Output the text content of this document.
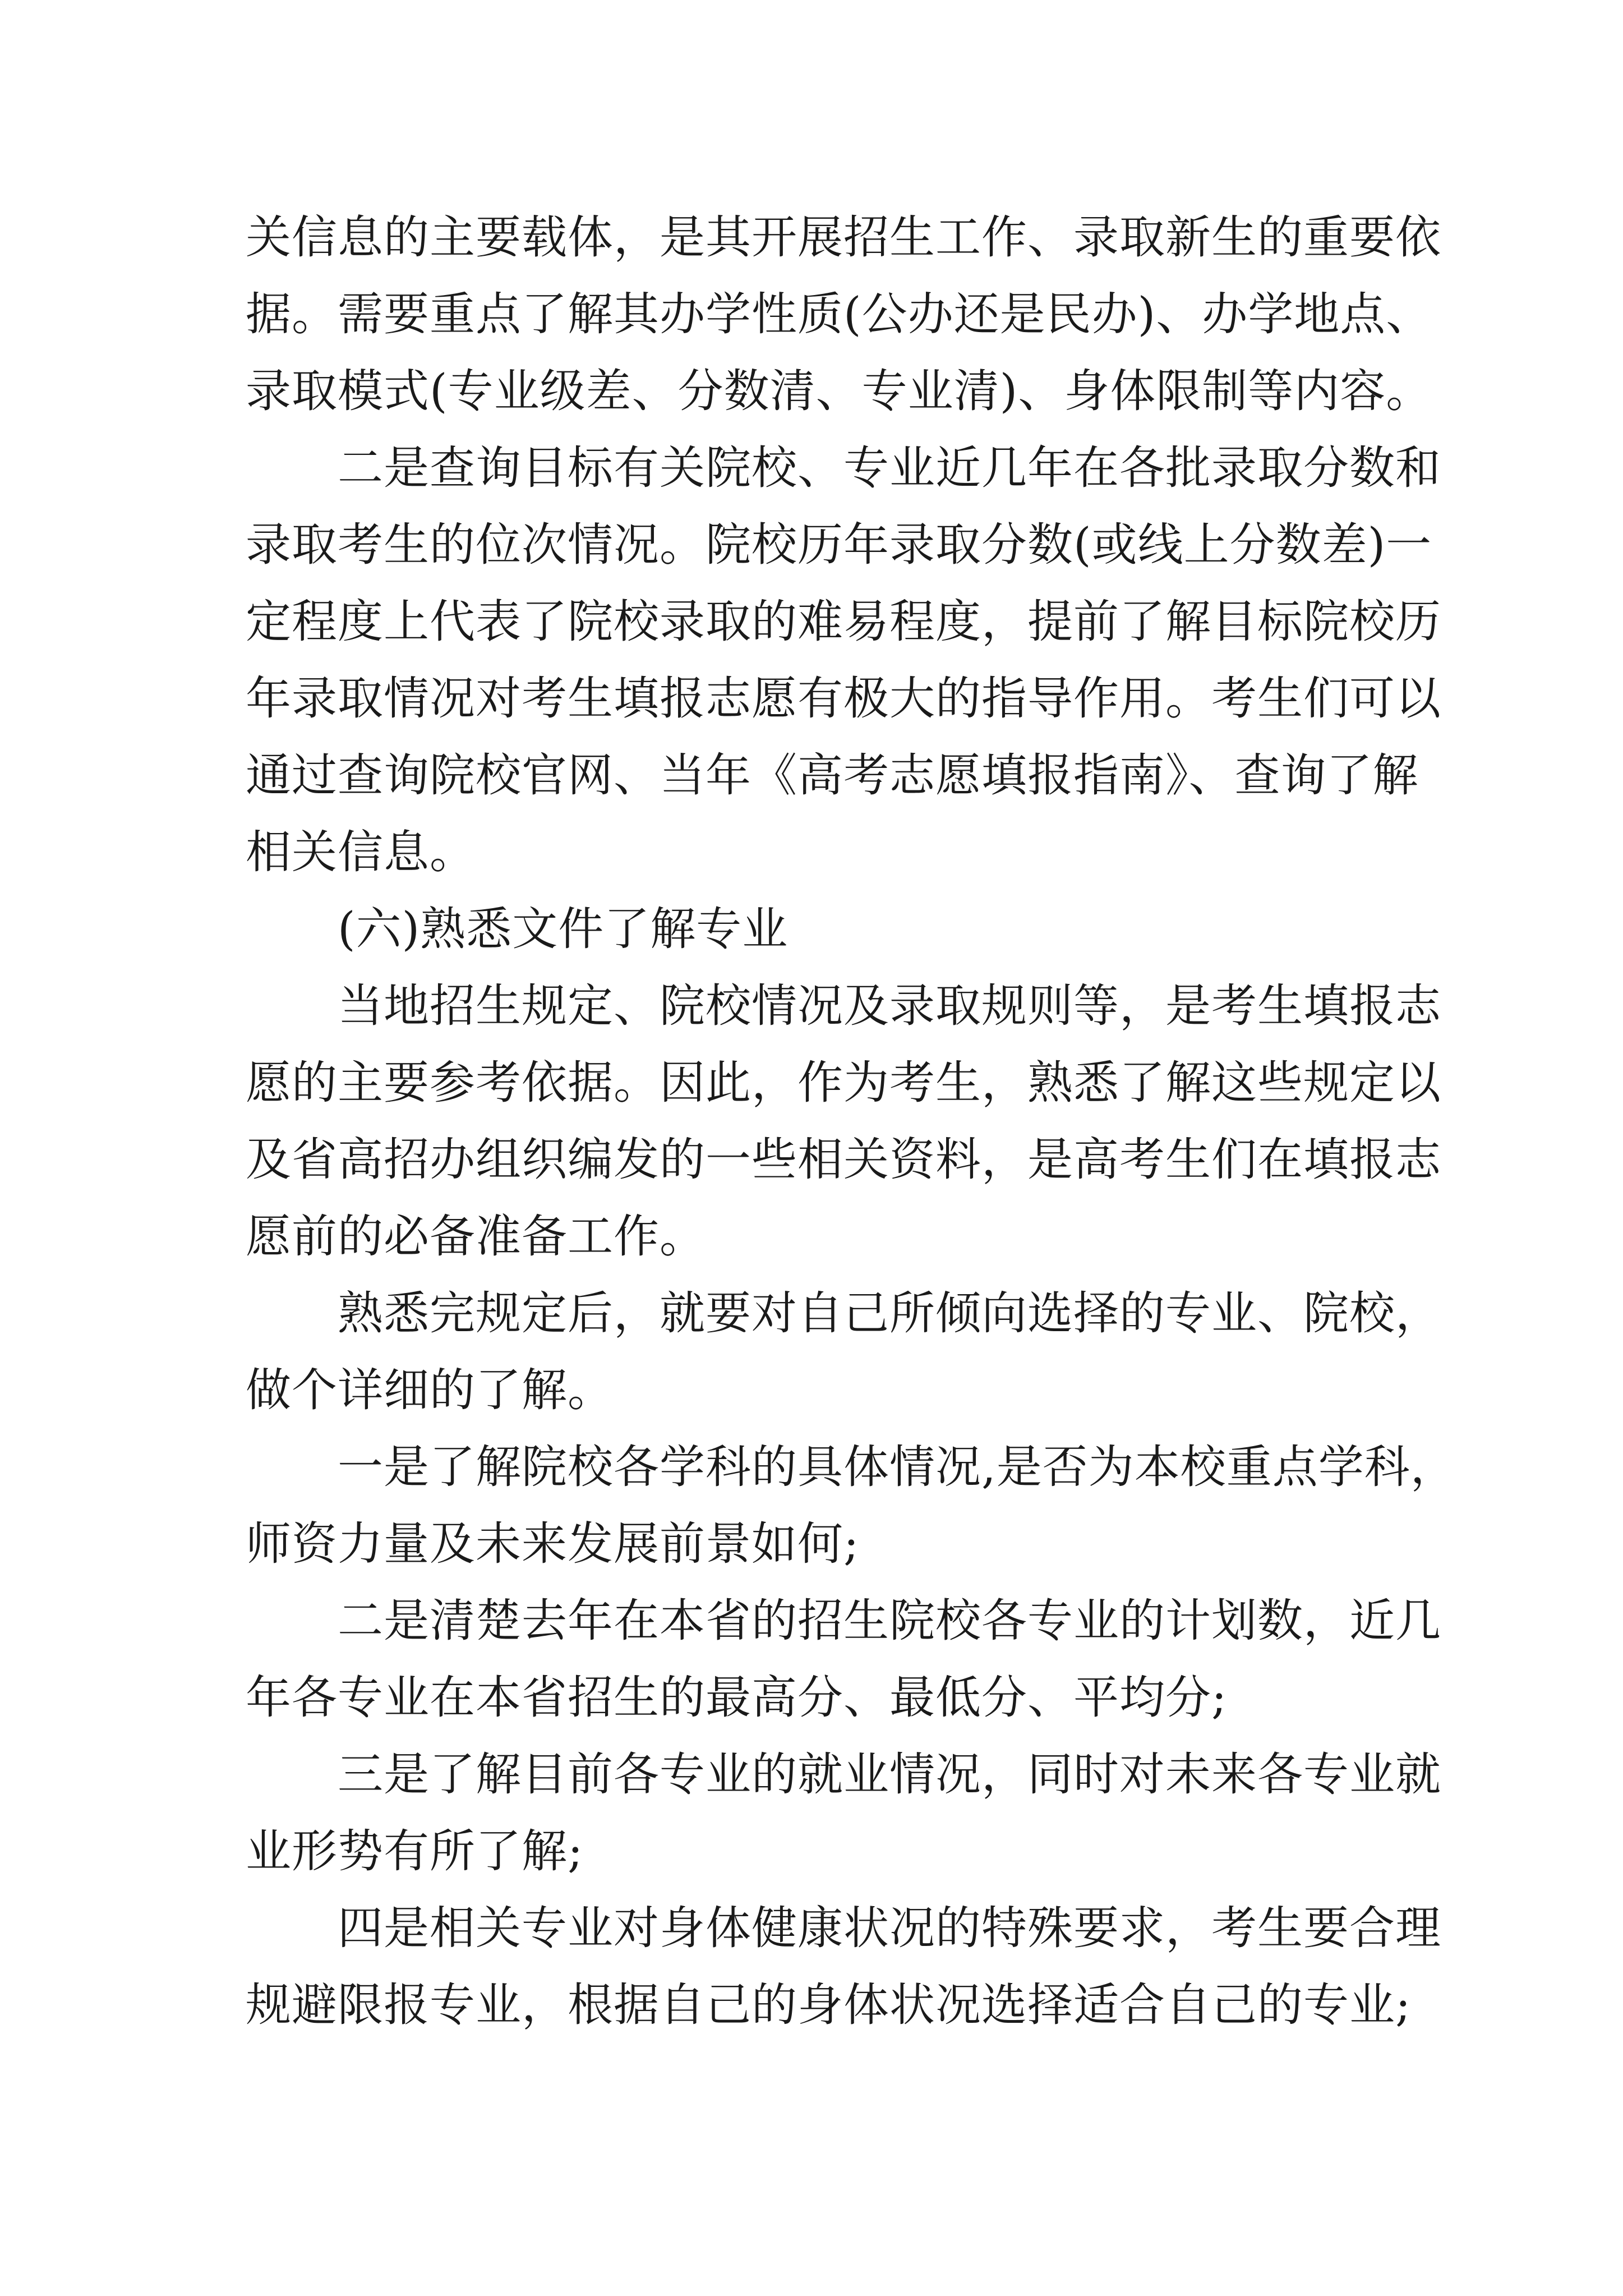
关信息的主要载体，是其开展招生工作、录取新生的重要依
据。需要重点了解其办学性质(公办还是民办)、办学地点、
录取模式(专业级差、分数清、专业清)、身体限制等内容。
二是查询目标有关院校、专业近几年在各批录取分数和
录取考生的位次情况。院校历年录取分数(或线上分数差)一
定程度上代表了院校录取的难易程度，提前了解目标院校历
年录取情况对考生填报志愿有极大的指导作用。考生们可以
通过查询院校官网、当年《高考志愿填报指南》、查询了解
相关信息。
(六)熟悉文件了解专业
当地招生规定、院校情况及录取规则等，是考生填报志
愿的主要参考依据。因此，作为考生，熟悉了解这些规定以
及省高招办组织编发的一些相关资料，是高考生们在填报志
愿前的必备准备工作。
熟悉完规定后，就要对自己所倾向选择的专业、院校，
做个详细的了解。
一是了解院校各学科的具体情况,是否为本校重点学科，
师资力量及未来发展前景如何;
二是清楚去年在本省的招生院校各专业的计划数，近几
年各专业在本省招生的最高分、最低分、平均分;
三是了解目前各专业的就业情况，同时对未来各专业就
业形势有所了解;
四是相关专业对身体健康状况的特殊要求，考生要合理
规避限报专业，根据自己的身体状况选择适合自己的专业;
